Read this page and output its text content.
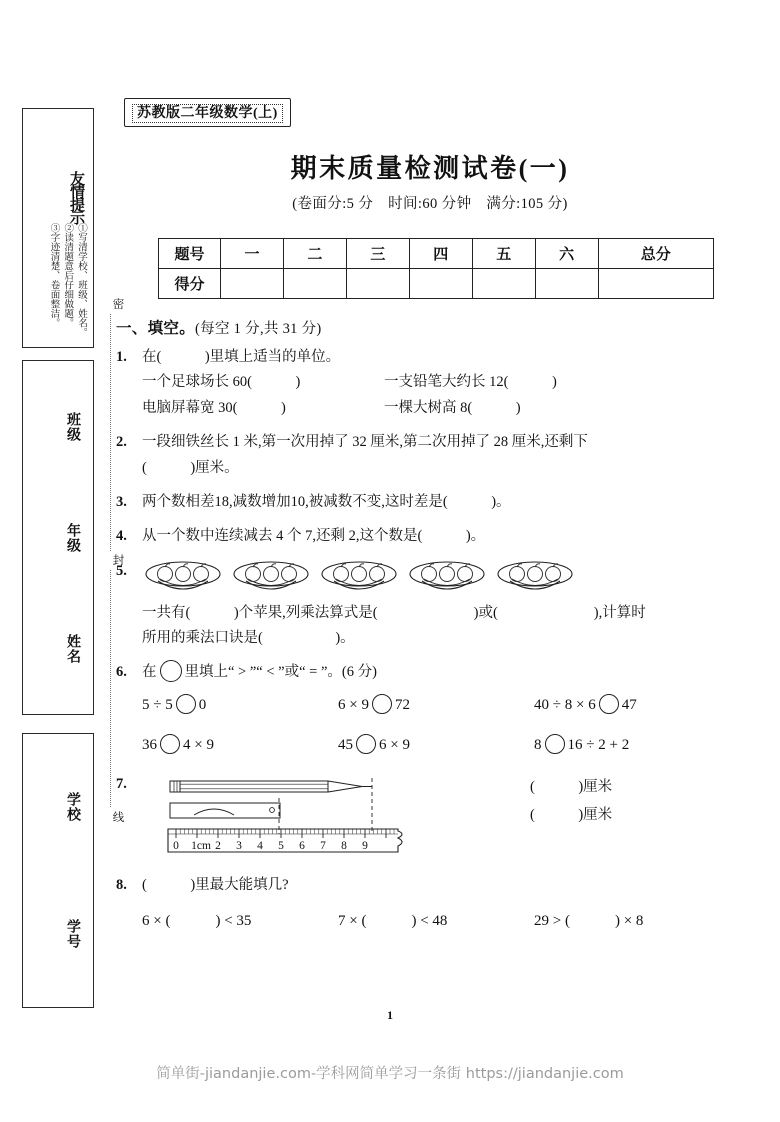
友情提示
①写清学校、班级、姓名。
②读清题意后仔细做题。
③字迹清楚、卷面整洁。
班级
年级
姓名
学校
学号
密
封
线
苏教版二年级数学(上)
期末质量检测试卷(一)
(卷面分:5 分　时间:60 分钟　满分:105 分)
题号	一	二	三	四	五	六	总分
得分							
一、填空。(每空 1 分,共 31 分)
1. 在(　　　)里填上适当的单位。
一个足球场长 60(　　　)	一支铅笔大约长 12(　　　)
电脑屏幕宽 30(　　　)	一棵大树高 8(　　　)
2. 一段细铁丝长 1 米,第一次用掉了 32 厘米,第二次用掉了 28 厘米,还剩下
(　　　)厘米。
3. 两个数相差18,减数增加10,被减数不变,这时差是(　　　)。
4. 从一个数中连续减去 4 个 7,还剩 2,这个数是(　　　)。
5.
一共有(　　　)个苹果,列乘法算式是(	)或(	),计算时
所用的乘法口诀是(　　　　　)。
6. 在 里填上“ > ”“ < ”或“ = ”。(6 分)
5 ÷ 5 0	6 × 9 72	40 ÷ 8 × 6 47
36 4 × 9	45 6 × 9	8 16 ÷ 2 + 2
7.
0 1cm 2 3 4 5 6 7 8 9
(　　　)厘米
(　　　)厘米
8. (　　　)里最大能填几?
6 × (　　　) < 35	7 × (　　　) < 48	29 > (　　　) × 8
1
简单街-jiandanjie.com-学科网简单学习一条街 https://jiandanjie.com
